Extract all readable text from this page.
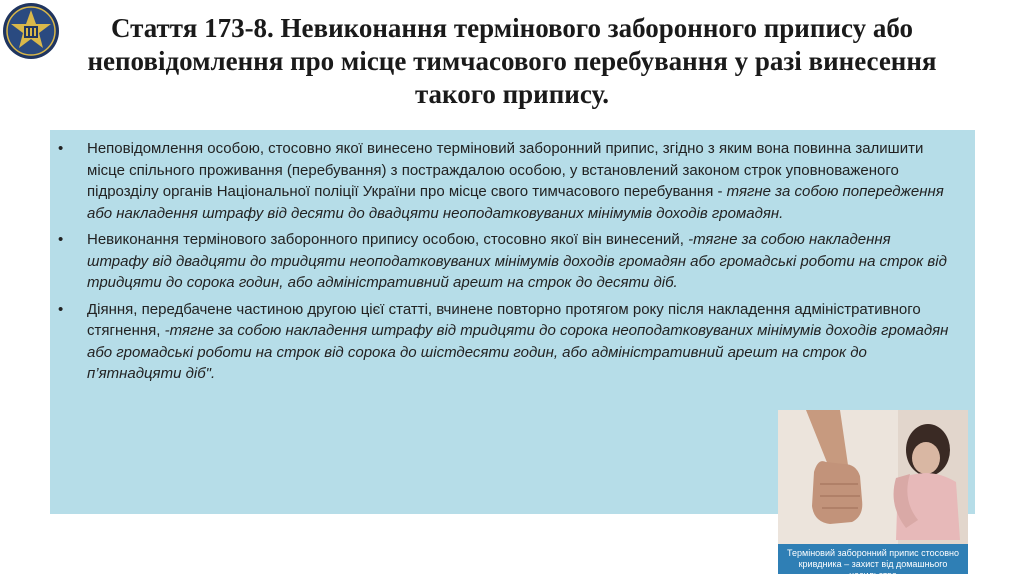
Стаття 173-8. Невиконання термінового заборонного припису або неповідомлення про місце тимчасового перебування у разі винесення такого припису.
• Неповідомлення особою, стосовно якої винесено терміновий заборонний припис, згідно з яким вона повинна залишити місце спільного проживання (перебування) з постраждалою особою, у встановлений законом строк уповноваженого підрозділу органів Національної поліції України про місце свого тимчасового перебування - тягне за собою попередження або накладення штрафу від десяти до двадцяти неоподатковуваних мінімумів доходів громадян.
• Невиконання термінового заборонного припису особою, стосовно якої він винесений, -тягне за собою накладення штрафу від двадцяти до тридцяти неоподатковуваних мінімумів доходів громадян або громадські роботи на строк від тридцяти до сорока годин, або адміністративний арешт на строк до десяти діб.
• Діяння, передбачене частиною другою цієї статті, вчинене повторно протягом року після накладення адміністративного стягнення, -тягне за собою накладення штрафу від тридцяти до сорока неоподатковуваних мінімумів доходів громадян або громадські роботи на строк від сорока до шістдесяти годин, або адміністративний арешт на строк до п’ятнадцяти діб".
Терміновий заборонний припис стосовно кривдника – захист від домашнього насильства
